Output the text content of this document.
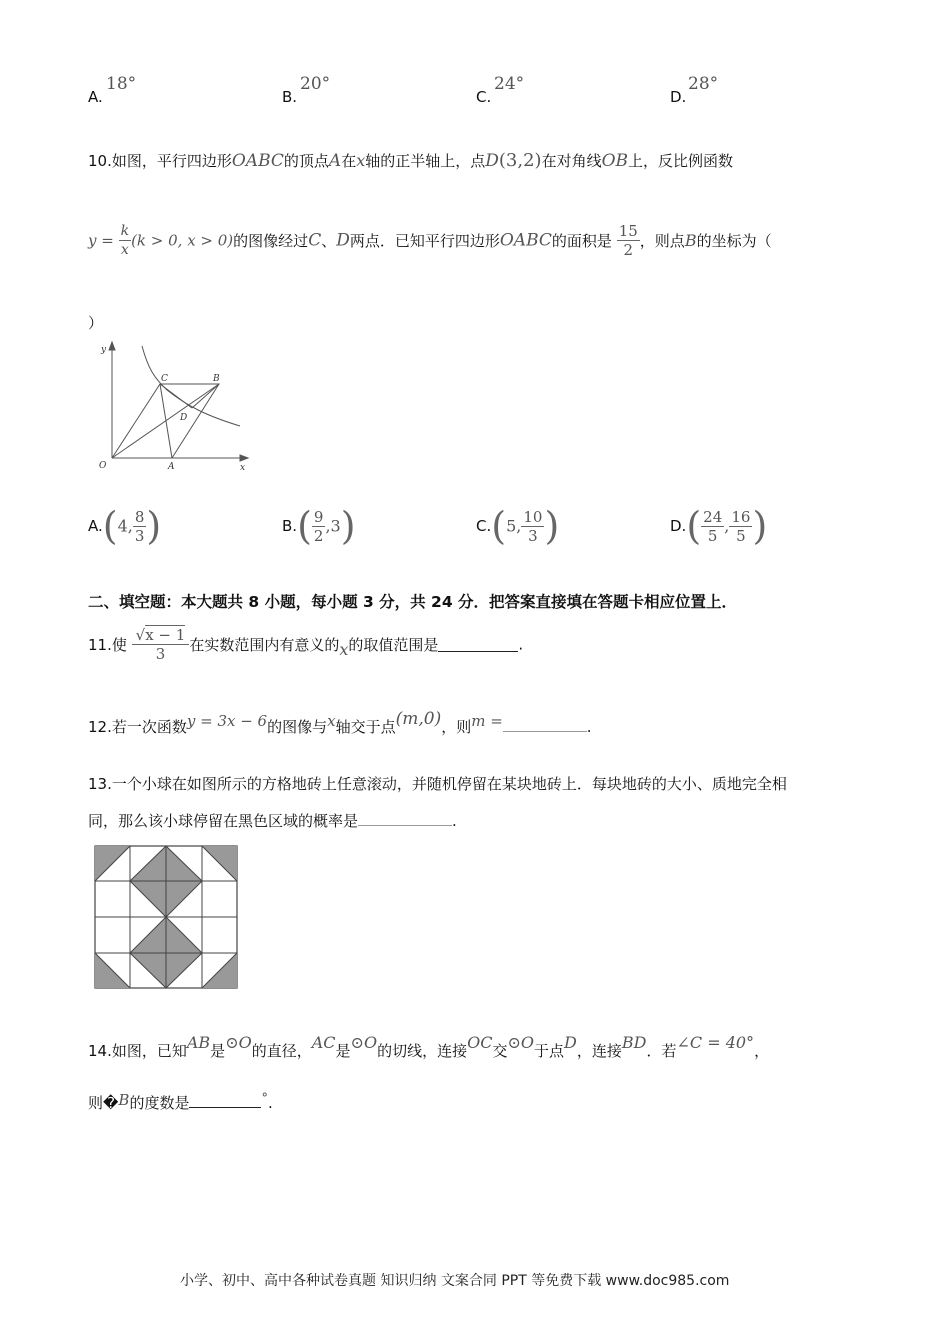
A.
18°
B.
20°
C.
24°
D.
28°
10.如图，平行四边形OABC的顶点A在x轴的正半轴上，点D(3,2)在对角线OB上，反比例函数
$y = \frac{k}{x} (k > 0$, x > 0)的图像经过C、D两点．已知平行四边形OABC的面积是 $\frac{15}{2}$ ，则点B的坐标为（
）
y
x
O	A
B
C
D
A.(4, $\frac{8}{3}$ )	$B.( \frac{9}{2} ,3)$	C.(5, $\frac{10}{3}$ )	$D.( \frac{24}{5}$ , $\frac{16}{5}$ )
二、填空题：本大题共 8 小题，每小题 3 分，共 24 分．把答案直接填在答题卡相应位置上．
11.使 $\frac{√x - 1}{3}$ 在实数范围内有意义的x的取值范围是	.
12.若一次函数y = 3x − 6的图像与x轴交于点(m,0)，则m =	.
13.一个小球在如图所示的方格地砖上任意滚动，并随机停留在某块地砖上．每块地砖的大小、质地完全相
同，那么该小球停留在黑色区域的概率是	.
14.如图，已知AB是⊙O的直径，AC是⊙O的切线，连接OC交⊙O于点D，连接BD．若∠C = 40°，
则�B的度数是	°.
小学、初中、高中各种试卷真题 知识归纳 文案合同 PPT 等免费下载 www.doc985.com
